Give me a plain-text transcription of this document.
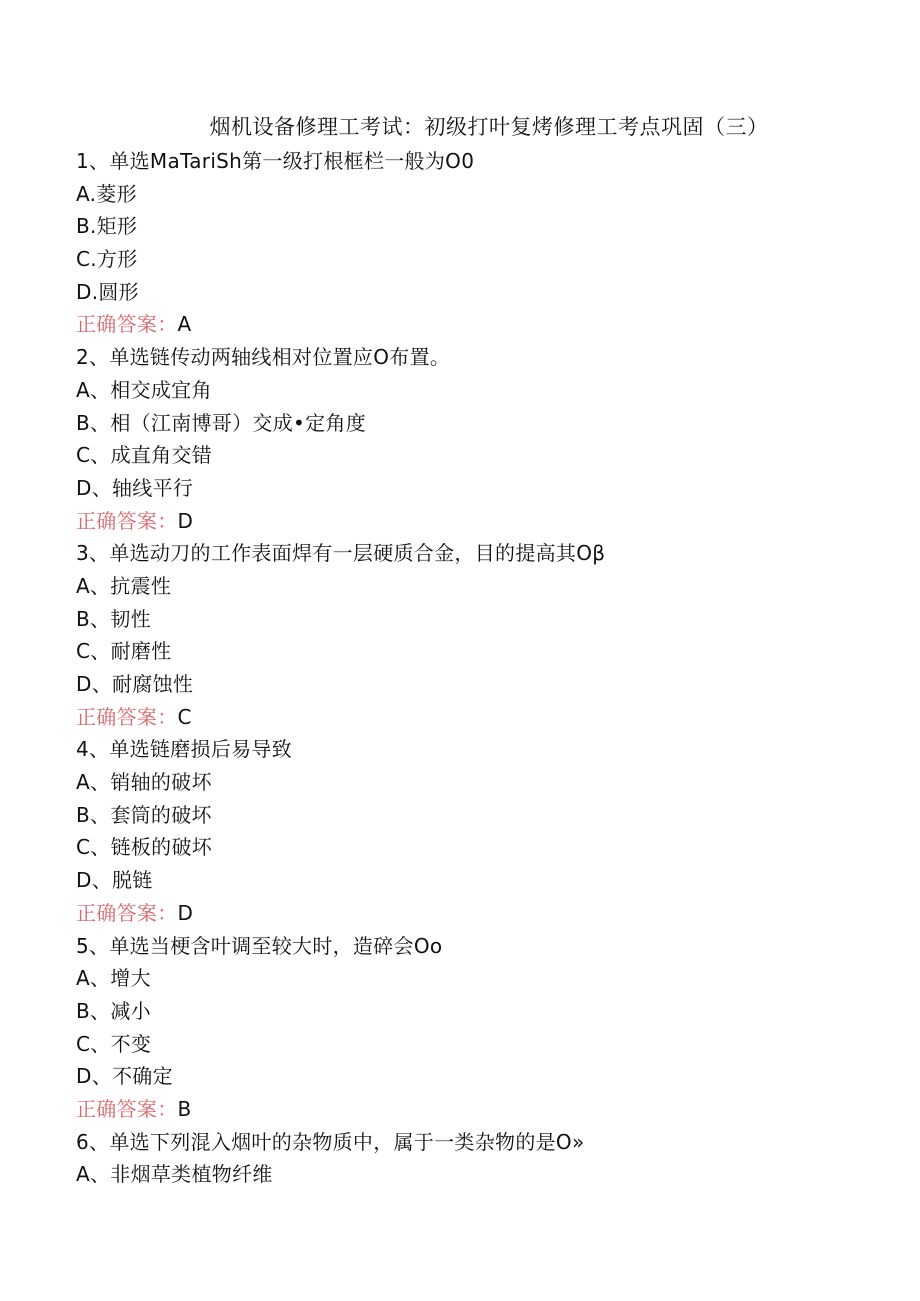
烟机设备修理工考试：初级打叶复烤修理工考点巩固（三）
1、单选MaTariSh第一级打根框栏一般为O0
A.菱形
B.矩形
C.方形
D.圆形
正确答案：A
2、单选链传动两轴线相对位置应O布置。
A、相交成宜角
B、相（江南博哥）交成•定角度
C、成直角交错
D、轴线平行
正确答案：D
3、单选动刀的工作表面焊有一层硬质合金，目的提高其Oβ
A、抗震性
B、韧性
C、耐磨性
D、耐腐蚀性
正确答案：C
4、单选链磨损后易导致
A、销轴的破坏
B、套筒的破坏
C、链板的破坏
D、脱链
正确答案：D
5、单选当梗含叶调至较大时，造碎会Oo
A、增大
B、减小
C、不变
D、不确定
正确答案：B
6、单选下列混入烟叶的杂物质中，属于一类杂物的是O»
A、非烟草类植物纤维
